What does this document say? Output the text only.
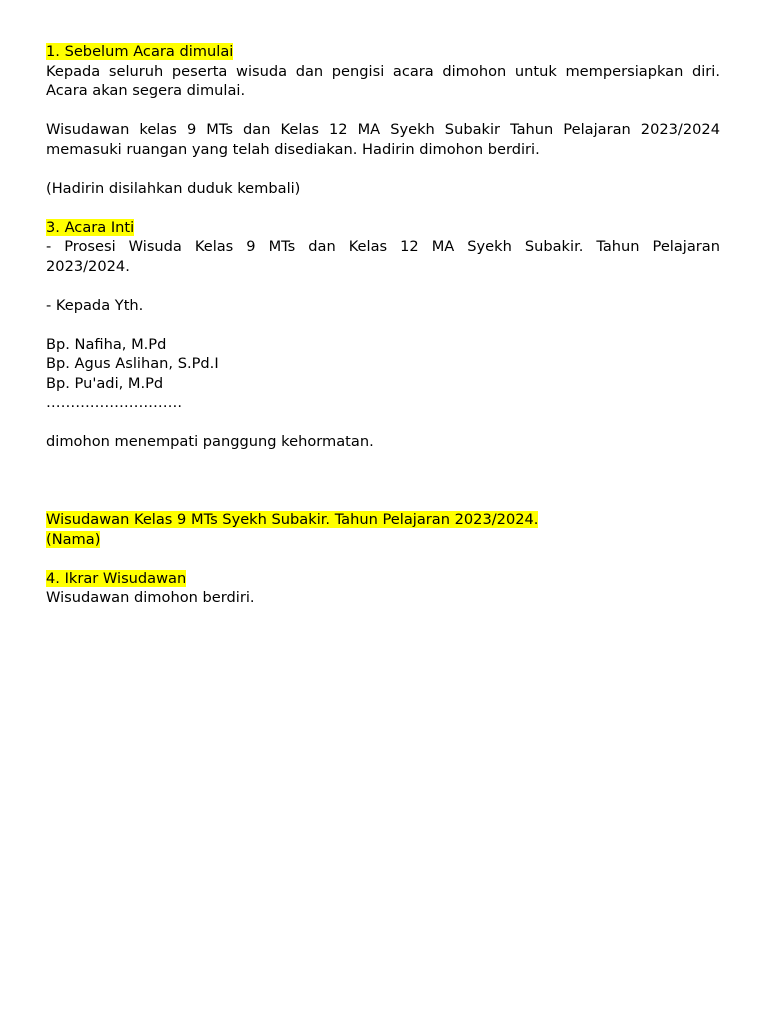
1. Sebelum Acara dimulai

Kepada seluruh peserta wisuda dan pengisi acara dimohon untuk mempersiapkan diri.

Acara akan segera dimulai.

Wisudawan kelas 9 MTs dan Kelas 12 MA Syekh Subakir Tahun Pelajaran 2023/2024

memasuki ruangan yang telah disediakan. Hadirin dimohon berdiri.

(Hadirin disilahkan duduk kembali)

3. Acara Inti

- Prosesi Wisuda Kelas 9 MTs dan Kelas 12 MA Syekh Subakir. Tahun Pelajaran

2023/2024.

- Kepada Yth.

Bp. Nafiha, M.Pd

Bp. Agus Aslihan, S.Pd.I

Bp. Pu'adi, M.Pd

……………………….

dimohon menempati panggung kehormatan.

Wisudawan Kelas 9 MTs Syekh Subakir. Tahun Pelajaran 2023/2024.

(Nama)

4. Ikrar Wisudawan

Wisudawan dimohon berdiri.
